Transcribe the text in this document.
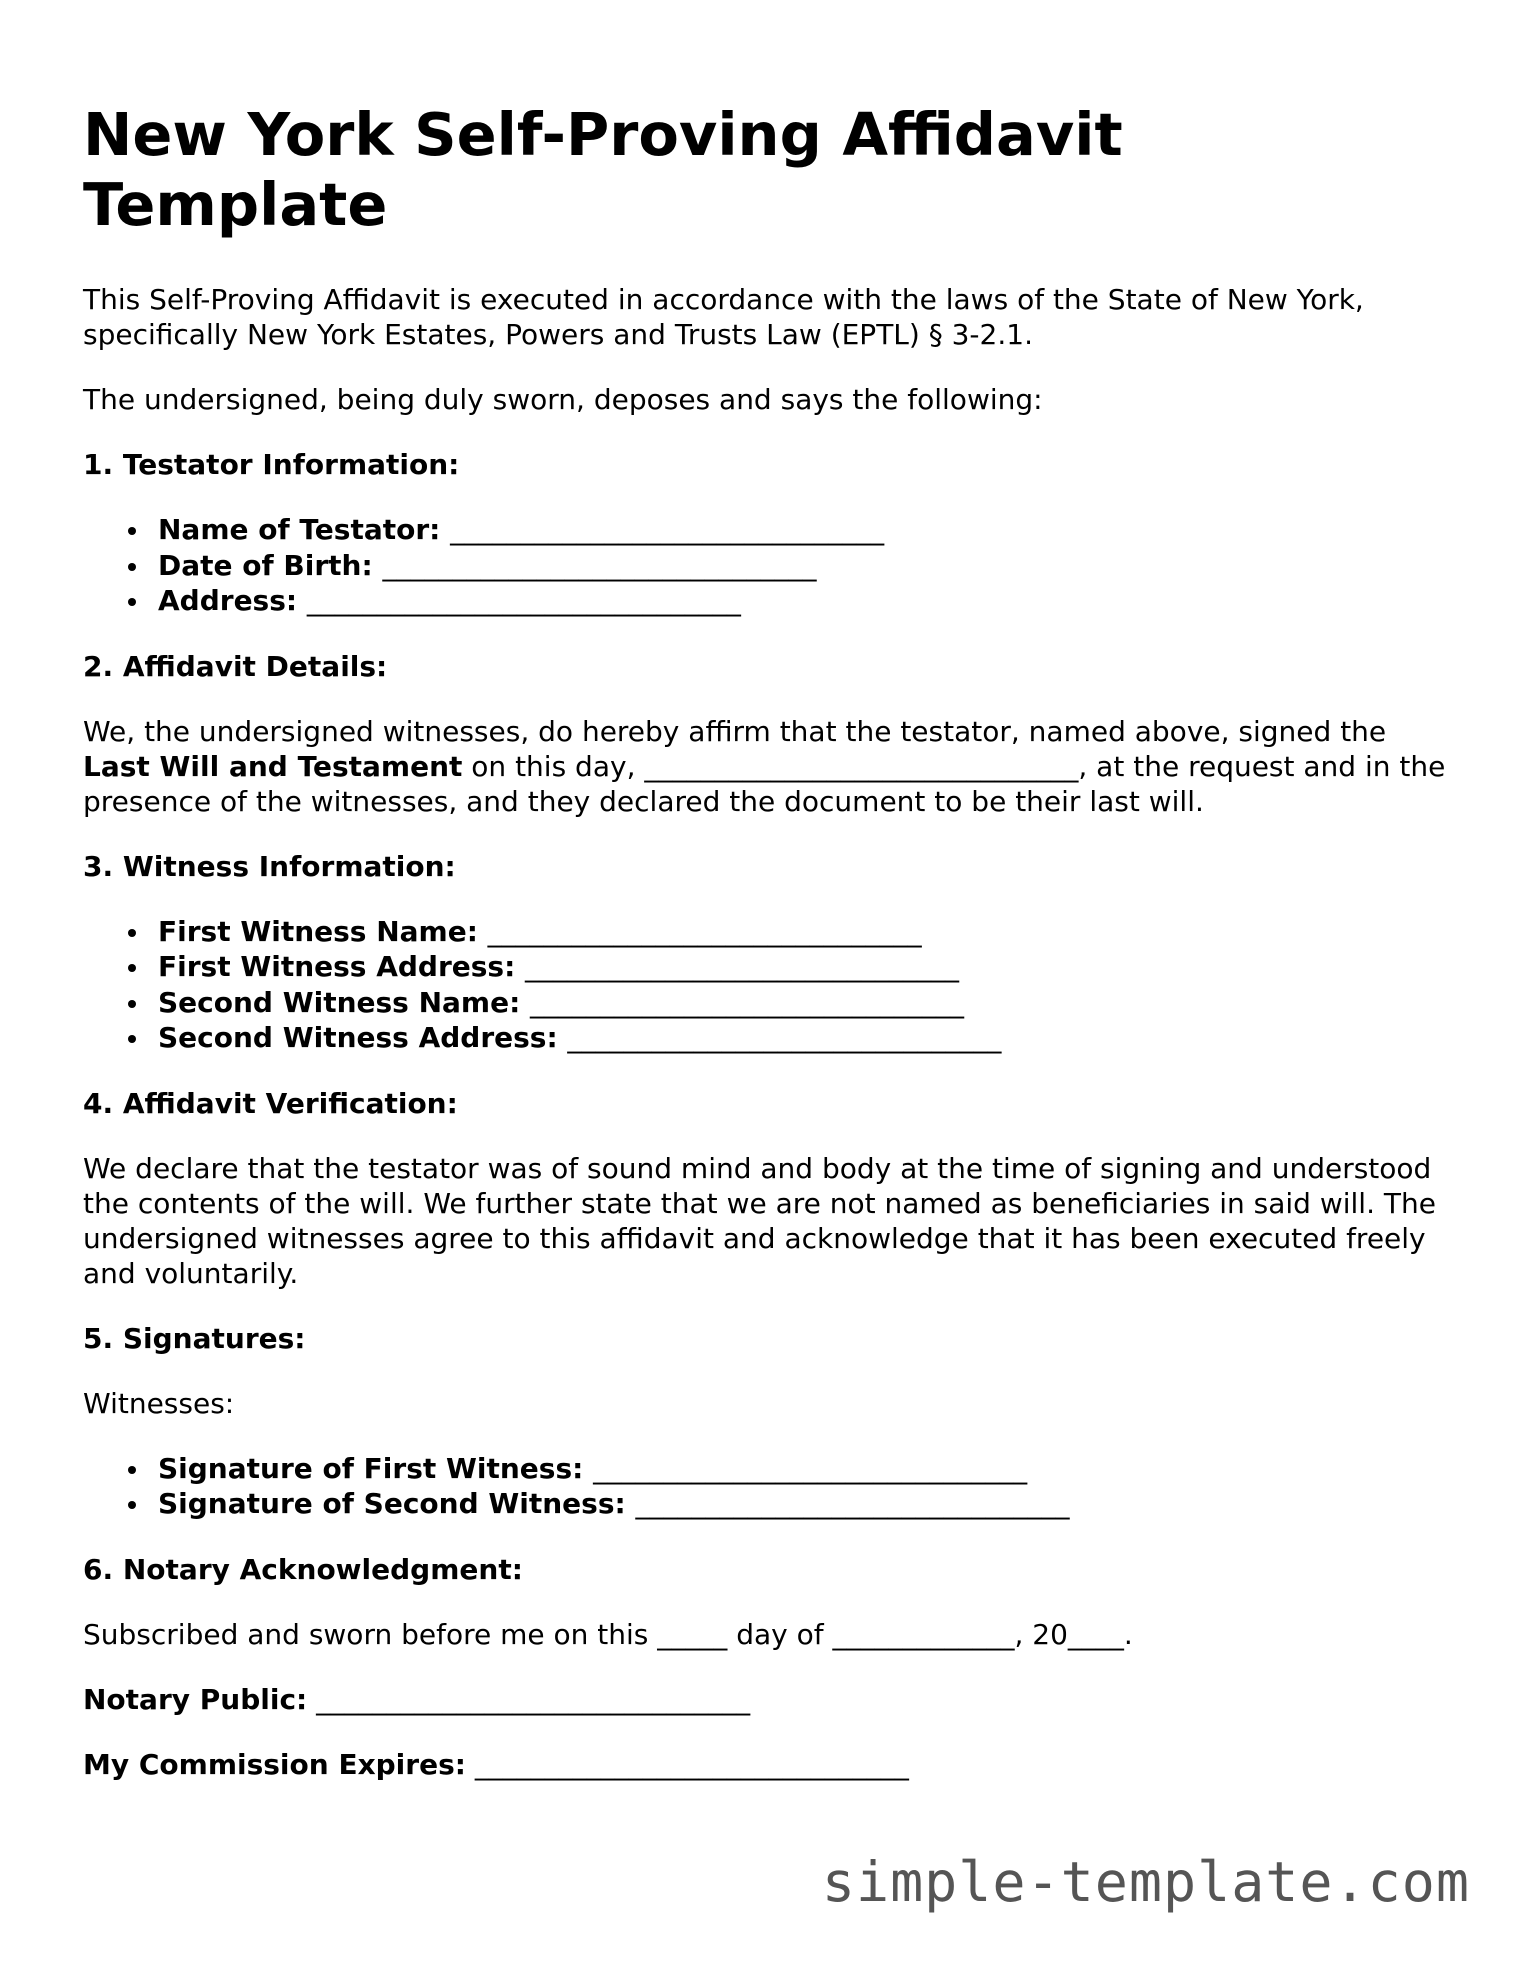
New York Self-Proving Affidavit Template

This Self-Proving Affidavit is executed in accordance with the laws of the State of New York, specifically New York Estates, Powers and Trusts Law (EPTL) § 3-2.1.

The undersigned, being duly sworn, deposes and says the following:

1. Testator Information:
Name of Testator: _______________________________
Date of Birth: _______________________________
Address: _______________________________
2. Affidavit Details:

We, the undersigned witnesses, do hereby affirm that the testator, named above, signed the Last Will and Testament on this day, _______________________________, at the request and in the presence of the witnesses, and they declared the document to be their last will.

3. Witness Information:
First Witness Name: _______________________________
First Witness Address: _______________________________
Second Witness Name: _______________________________
Second Witness Address: _______________________________
4. Affidavit Verification:

We declare that the testator was of sound mind and body at the time of signing and understood the contents of the will. We further state that we are not named as beneficiaries in said will. The undersigned witnesses agree to this affidavit and acknowledge that it has been executed freely and voluntarily.

5. Signatures:

Witnesses:

Signature of First Witness: _______________________________
Signature of Second Witness: _______________________________
6. Notary Acknowledgment:

Subscribed and sworn before me on this _____ day of _____________, 20____.

Notary Public: _______________________________

My Commission Expires: _______________________________

simple-template.com
